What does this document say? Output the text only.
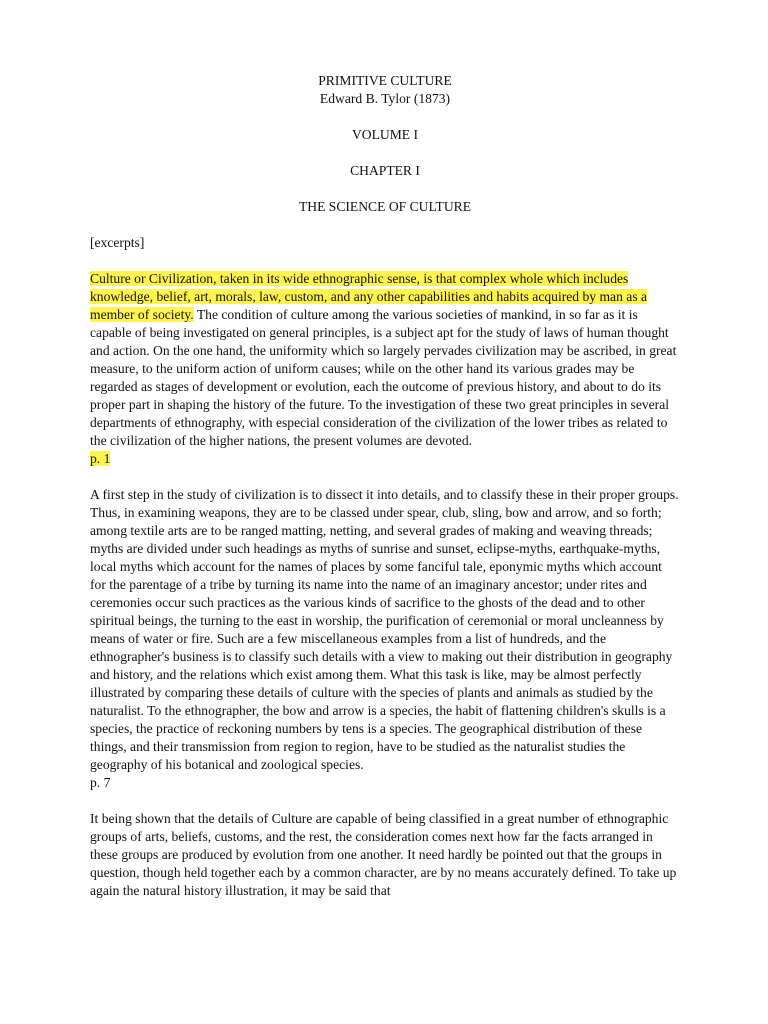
PRIMITIVE CULTURE
Edward B. Tylor (1873)
VOLUME I
CHAPTER I
THE SCIENCE OF CULTURE
[excerpts]

Culture or Civilization, taken in its wide ethnographic sense, is that complex whole which includes knowledge, belief, art, morals, law, custom, and any other capabilities and habits acquired by man as a member of society. The condition of culture among the various societies of mankind, in so far as it is capable of being investigated on general principles, is a subject apt for the study of laws of human thought and action. On the one hand, the uniformity which so largely pervades civilization may be ascribed, in great measure, to the uniform action of uniform causes; while on the other hand its various grades may be regarded as stages of development or evolution, each the outcome of previous history, and about to do its proper part in shaping the history of the future. To the investigation of these two great principles in several departments of ethnography, with especial consideration of the civilization of the lower tribes as related to the civilization of the higher nations, the present volumes are devoted.

p. 1

A first step in the study of civilization is to dissect it into details, and to classify these in their proper groups. Thus, in examining weapons, they are to be classed under spear, club, sling, bow and arrow, and so forth; among textile arts are to be ranged matting, netting, and several grades of making and weaving threads; myths are divided under such headings as myths of sunrise and sunset, eclipse-myths, earthquake-myths, local myths which account for the names of places by some fanciful tale, eponymic myths which account for the parentage of a tribe by turning its name into the name of an imaginary ancestor; under rites and ceremonies occur such practices as the various kinds of sacrifice to the ghosts of the dead and to other spiritual beings, the turning to the east in worship, the purification of ceremonial or moral uncleanness by means of water or fire. Such are a few miscellaneous examples from a list of hundreds, and the ethnographer's business is to classify such details with a view to making out their distribution in geography and history, and the relations which exist among them. What this task is like, may be almost perfectly illustrated by comparing these details of culture with the species of plants and animals as studied by the naturalist. To the ethnographer, the bow and arrow is a species, the habit of flattening children's skulls is a species, the practice of reckoning numbers by tens is a species. The geographical distribution of these things, and their transmission from region to region, have to be studied as the naturalist studies the geography of his botanical and zoological species.

p. 7

It being shown that the details of Culture are capable of being classified in a great number of ethnographic groups of arts, beliefs, customs, and the rest, the consideration comes next how far the facts arranged in these groups are produced by evolution from one another. It need hardly be pointed out that the groups in question, though held together each by a common character, are by no means accurately defined. To take up again the natural history illustration, it may be said that
